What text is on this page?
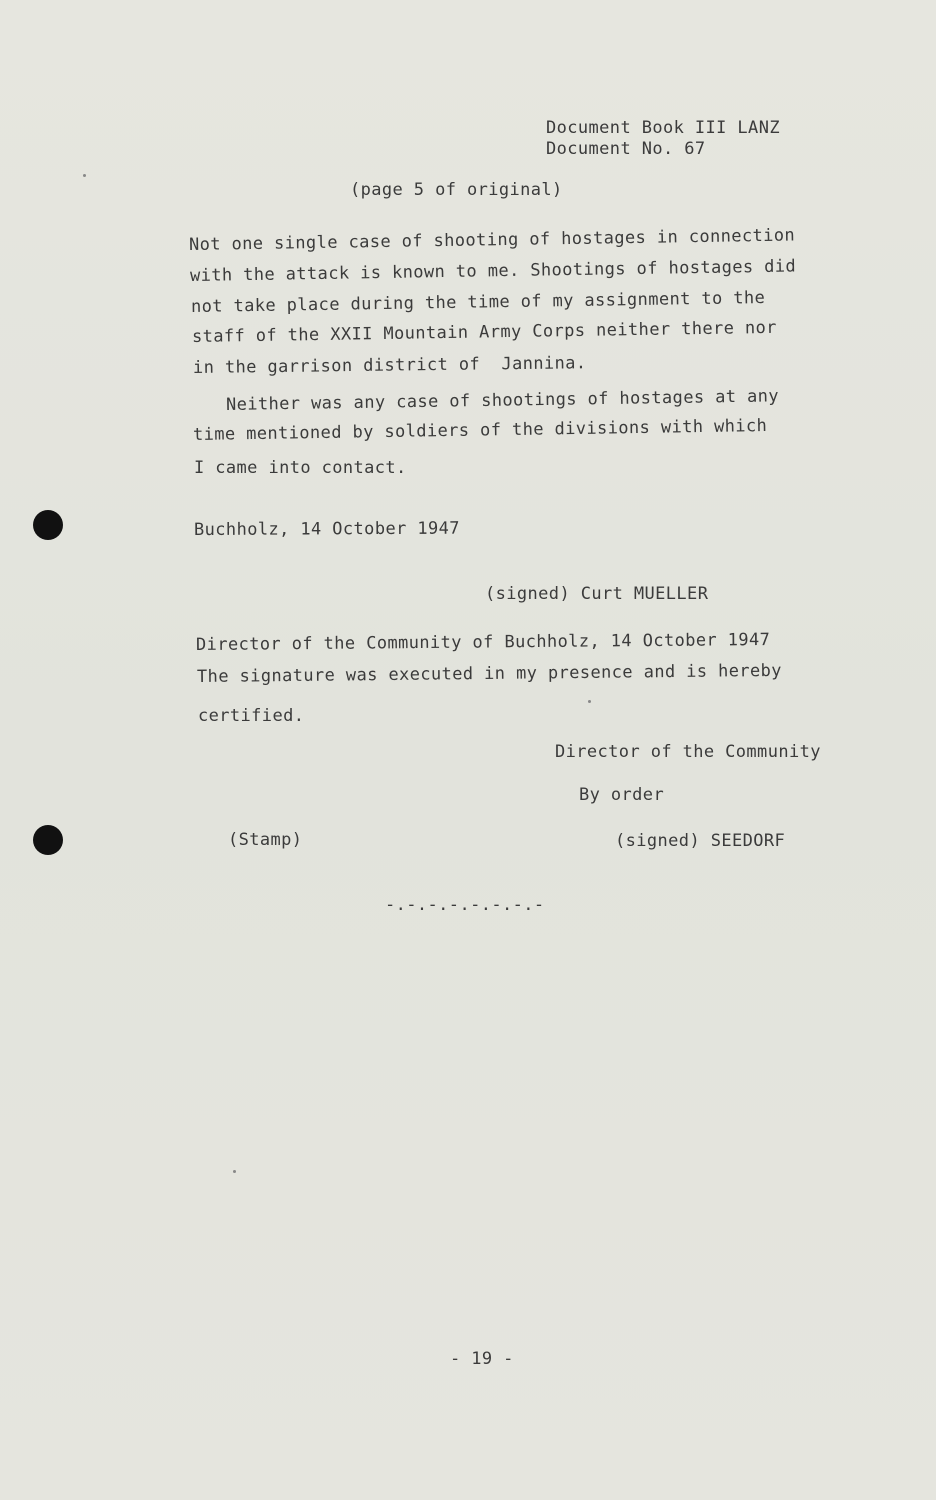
Document Book III LANZ
Document No. 67
(page 5 of original)
Not one single case of shooting of hostages in connection
with the attack is known to me. Shootings of hostages did
not take place during the time of my assignment to the
staff of the XXII Mountain Army Corps neither there nor
in the garrison district of  Jannina.
Neither was any case of shootings of hostages at any
time mentioned by soldiers of the divisions with which
I came into contact.
Buchholz, 14 October 1947
(signed) Curt MUELLER
Director of the Community of Buchholz, 14 October 1947
The signature was executed in my presence and is hereby
certified.
Director of the Community
By order
(Stamp)	(signed) SEEDORF
-.-.-.-.-.-.-.-
- 19 -
